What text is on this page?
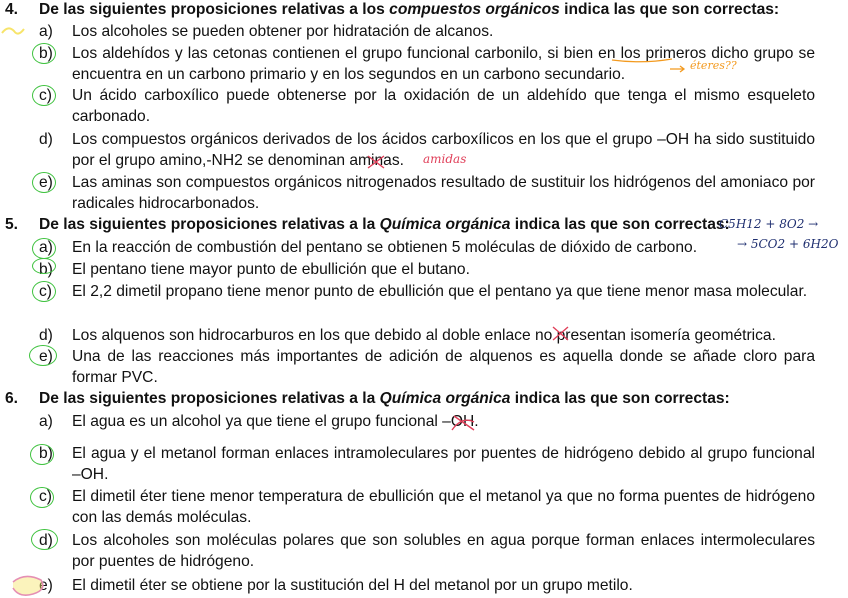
4. De las siguientes proposiciones relativas a los compuestos orgánicos indica las que son correctas:
a)	Los alcoholes se pueden obtener por hidratación de alcanos.
b)	Los aldehídos y las cetonas contienen el grupo funcional carbonilo, si bien en los primeros dicho grupo se encuentra en un carbono primario y en los segundos en un carbono secundario.
c)	Un ácido carboxílico puede obtenerse por la oxidación de un aldehído que tenga el mismo esqueleto carbonado.
d)	Los compuestos orgánicos derivados de los ácidos carboxílicos en los que el grupo –OH ha sido sustituido por el grupo amino,-NH2 se denominan aminas.
e)	Las aminas son compuestos orgánicos nitrogenados resultado de sustituir los hidrógenos del amoniaco por radicales hidrocarbonados.
5. De las siguientes proposiciones relativas a la Química orgánica indica las que son correctas:
a)	En la reacción de combustión del pentano se obtienen 5 moléculas de dióxido de carbono.
b)	El pentano tiene mayor punto de ebullición que el butano.
c)	El 2,2 dimetil propano tiene menor punto de ebullición que el pentano ya que tiene menor masa molecular.
d)	Los alquenos son hidrocarburos en los que debido al doble enlace no presentan isomería geométrica.
e)	Una de las reacciones más importantes de adición de alquenos es aquella donde se añade cloro para formar PVC.
6. De las siguientes proposiciones relativas a la Química orgánica indica las que son correctas:
a)	El agua es un alcohol ya que tiene el grupo funcional –OH.
b)	El agua y el metanol forman enlaces intramoleculares por puentes de hidrógeno debido al grupo funcional –OH.
c)	El dimetil éter tiene menor temperatura de ebullición que el metanol ya que no forma puentes de hidrógeno con las demás moléculas.
d)	Los alcoholes son moléculas polares que son solubles en agua porque forman enlaces intermoleculares por puentes de hidrógeno.
e)	El dimetil éter se obtiene por la sustitución del H del metanol por un grupo metilo.
éteres??
amidas
C5H12 + 8O2 →
→ 5CO2 + 6H2O
